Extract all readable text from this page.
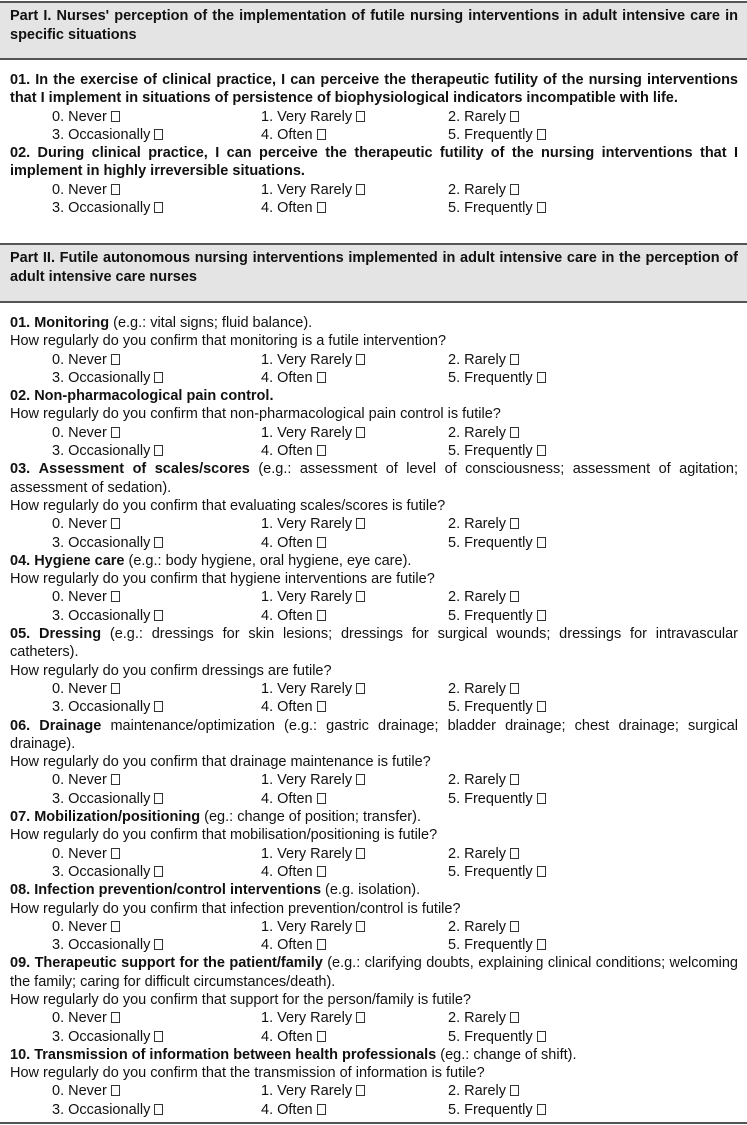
Part I. Nurses' perception of the implementation of futile nursing interventions in adult intensive care in specific situations
01. In the exercise of clinical practice, I can perceive the therapeutic futility of the nursing interventions that I implement in situations of persistence of biophysiological indicators incompatible with life.
0. Never	1. Very Rarely	2. Rarely
3. Occasionally	4. Often	5. Frequently
02. During clinical practice, I can perceive the therapeutic futility of the nursing interventions that I implement in highly irreversible situations.
0. Never	1. Very Rarely	2. Rarely
3. Occasionally	4. Often	5. Frequently
Part II. Futile autonomous nursing interventions implemented in adult intensive care in the perception of adult intensive care nurses
01. Monitoring (e.g.: vital signs; fluid balance).
How regularly do you confirm that monitoring is a futile intervention?
0. Never	1. Very Rarely	2. Rarely
3. Occasionally	4. Often	5. Frequently
02. Non-pharmacological pain control.
How regularly do you confirm that non-pharmacological pain control is futile?
0. Never	1. Very Rarely	2. Rarely
3. Occasionally	4. Often	5. Frequently
03. Assessment of scales/scores (e.g.: assessment of level of consciousness; assessment of agitation; assessment of sedation).
How regularly do you confirm that evaluating scales/scores is futile?
0. Never	1. Very Rarely	2. Rarely
3. Occasionally	4. Often	5. Frequently
04. Hygiene care (e.g.: body hygiene, oral hygiene, eye care).
How regularly do you confirm that hygiene interventions are futile?
0. Never	1. Very Rarely	2. Rarely
3. Occasionally	4. Often	5. Frequently
05. Dressing (e.g.: dressings for skin lesions; dressings for surgical wounds; dressings for intravascular catheters).
How regularly do you confirm dressings are futile?
0. Never	1. Very Rarely	2. Rarely
3. Occasionally	4. Often	5. Frequently
06. Drainage maintenance/optimization (e.g.: gastric drainage; bladder drainage; chest drainage; surgical drainage).
How regularly do you confirm that drainage maintenance is futile?
0. Never	1. Very Rarely	2. Rarely
3. Occasionally	4. Often	5. Frequently
07. Mobilization/positioning (eg.: change of position; transfer).
How regularly do you confirm that mobilisation/positioning is futile?
0. Never	1. Very Rarely	2. Rarely
3. Occasionally	4. Often	5. Frequently
08. Infection prevention/control interventions (e.g. isolation).
How regularly do you confirm that infection prevention/control is futile?
0. Never	1. Very Rarely	2. Rarely
3. Occasionally	4. Often	5. Frequently
09. Therapeutic support for the patient/family (e.g.: clarifying doubts, explaining clinical conditions; welcoming the family; caring for difficult circumstances/death).
How regularly do you confirm that support for the person/family is futile?
0. Never	1. Very Rarely	2. Rarely
3. Occasionally	4. Often	5. Frequently
10. Transmission of information between health professionals (eg.: change of shift).
How regularly do you confirm that the transmission of information is futile?
0. Never	1. Very Rarely	2. Rarely
3. Occasionally	4. Often	5. Frequently
